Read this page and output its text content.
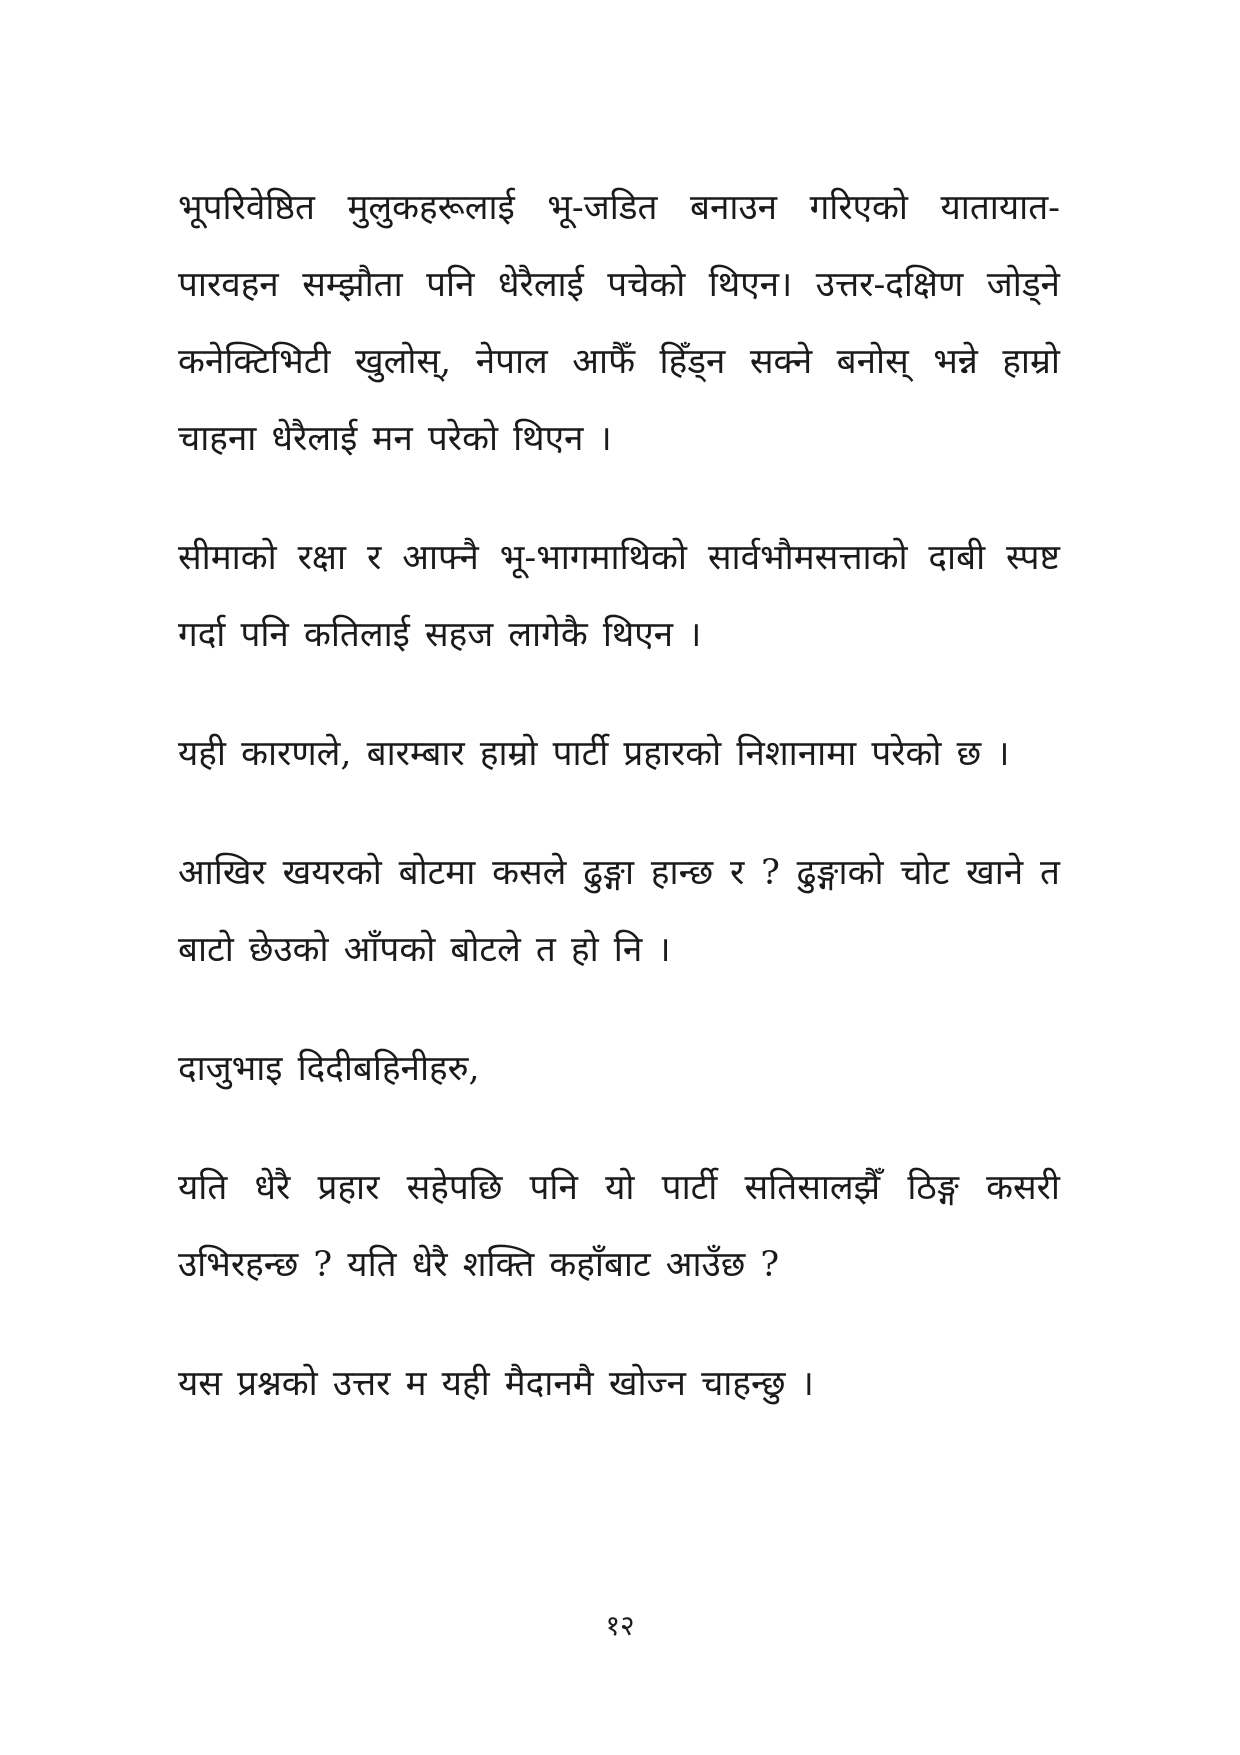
भूपरिवेष्ठित मुलुकहरूलाई भू-जडित बनाउन गरिएको यातायात-पारवहन सम्झौता पनि धेरैलाई पचेको थिएन। उत्तर-दक्षिण जोड्ने कनेक्टिभिटी खुलोस्, नेपाल आफैँ हिँड्न सक्ने बनोस् भन्ने हाम्रो चाहना धेरैलाई मन परेको थिएन ।

सीमाको रक्षा र आफ्नै भू-भागमाथिको सार्वभौमसत्ताको दाबी स्पष्ट गर्दा पनि कतिलाई सहज लागेकै थिएन ।

यही कारणले, बारम्बार हाम्रो पार्टी प्रहारको निशानामा परेको छ ।

आखिर खयरको बोटमा कसले ढुङ्गा हान्छ र ? ढुङ्गाको चोट खाने त बाटो छेउको आँपको बोटले त हो नि ।

दाजुभाइ दिदीबहिनीहरु,

यति धेरै प्रहार सहेपछि पनि यो पार्टी सतिसालझैँ ठिङ्ग कसरी उभिरहन्छ ? यति धेरै शक्ति कहाँबाट आउँछ ?

यस प्रश्नको उत्तर म यही मैदानमै खोज्न चाहन्छु ।

१२
